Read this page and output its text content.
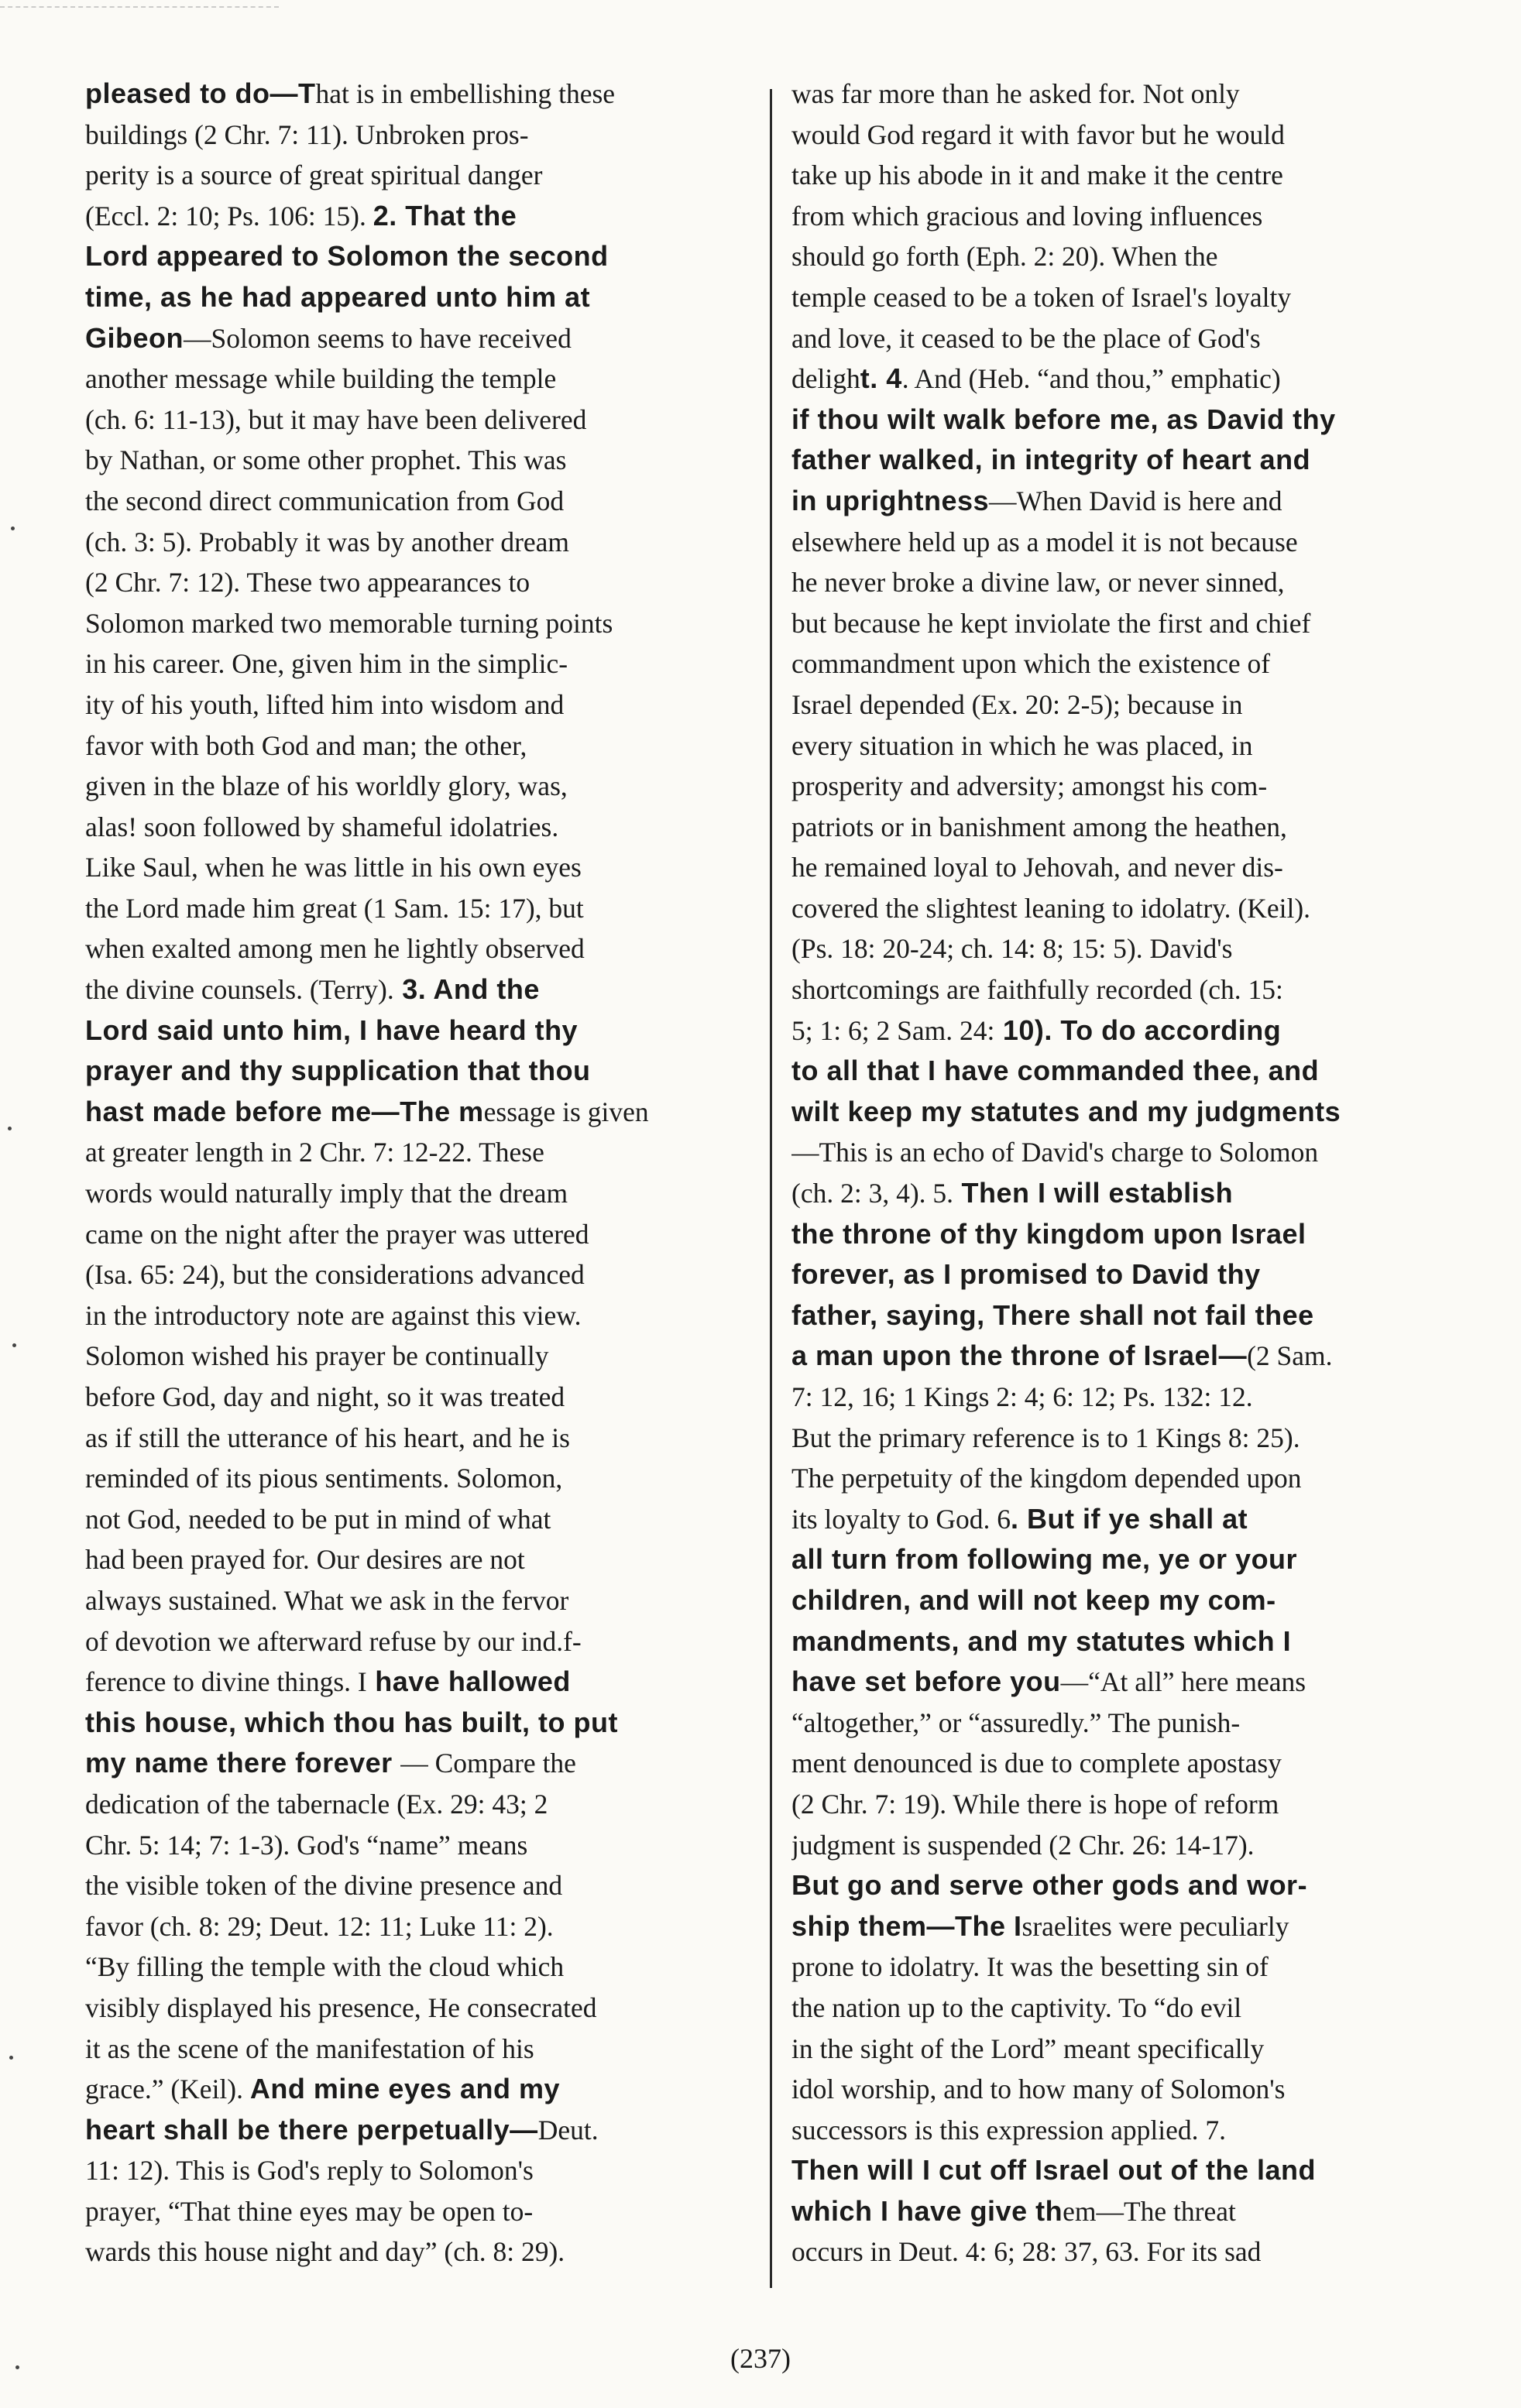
pleased to do—That is in embellishing these
buildings (2 Chr. 7: 11). Unbroken pros-
perity is a source of great spiritual danger
(Eccl. 2: 10; Ps. 106: 15). 2. That the
Lord appeared to Solomon the second
time, as he had appeared unto him at
Gibeon—Solomon seems to have received
another message while building the temple
(ch. 6: 11-13), but it may have been delivered
by Nathan, or some other prophet. This was
the second direct communication from God
(ch. 3: 5). Probably it was by another dream
(2 Chr. 7: 12). These two appearances to
Solomon marked two memorable turning points
in his career. One, given him in the simplic-
ity of his youth, lifted him into wisdom and
favor with both God and man; the other,
given in the blaze of his worldly glory, was,
alas! soon followed by shameful idolatries.
Like Saul, when he was little in his own eyes
the Lord made him great (1 Sam. 15: 17), but
when exalted among men he lightly observed
the divine counsels. (Terry). 3. And the
Lord said unto him, I have heard thy
prayer and thy supplication that thou
hast made before me—The message is given
at greater length in 2 Chr. 7: 12-22. These
words would naturally imply that the dream
came on the night after the prayer was uttered
(Isa. 65: 24), but the considerations advanced
in the introductory note are against this view.
Solomon wished his prayer be continually
before God, day and night, so it was treated
as if still the utterance of his heart, and he is
reminded of its pious sentiments. Solomon,
not God, needed to be put in mind of what
had been prayed for. Our desires are not
always sustained. What we ask in the fervor
of devotion we afterward refuse by our ind.f-
ference to divine things. I have hallowed
this house, which thou has built, to put
my name there forever — Compare the
dedication of the tabernacle (Ex. 29: 43; 2
Chr. 5: 14; 7: 1-3). God's “name” means
the visible token of the divine presence and
favor (ch. 8: 29; Deut. 12: 11; Luke 11: 2).
“By filling the temple with the cloud which
visibly displayed his presence, He consecrated
it as the scene of the manifestation of his
grace.” (Keil). And mine eyes and my
heart shall be there perpetually—Deut.
11: 12). This is God's reply to Solomon's
prayer, “That thine eyes may be open to-
wards this house night and day” (ch. 8: 29).
was far more than he asked for. Not only
would God regard it with favor but he would
take up his abode in it and make it the centre
from which gracious and loving influences
should go forth (Eph. 2: 20). When the
temple ceased to be a token of Israel's loyalty
and love, it ceased to be the place of God's
delight. 4. And (Heb. “and thou,” emphatic)
if thou wilt walk before me, as David thy
father walked, in integrity of heart and
in uprightness—When David is here and
elsewhere held up as a model it is not because
he never broke a divine law, or never sinned,
but because he kept inviolate the first and chief
commandment upon which the existence of
Israel depended (Ex. 20: 2-5); because in
every situation in which he was placed, in
prosperity and adversity; amongst his com-
patriots or in banishment among the heathen,
he remained loyal to Jehovah, and never dis-
covered the slightest leaning to idolatry. (Keil).
(Ps. 18: 20-24; ch. 14: 8; 15: 5). David's
shortcomings are faithfully recorded (ch. 15:
5; 1: 6; 2 Sam. 24: 10). To do according
to all that I have commanded thee, and
wilt keep my statutes and my judgments
—This is an echo of David's charge to Solomon
(ch. 2: 3, 4). 5. Then I will establish
the throne of thy kingdom upon Israel
forever, as I promised to David thy
father, saying, There shall not fail thee
a man upon the throne of Israel—(2 Sam.
7: 12, 16; 1 Kings 2: 4; 6: 12; Ps. 132: 12.
But the primary reference is to 1 Kings 8: 25).
The perpetuity of the kingdom depended upon
its loyalty to God. 6. But if ye shall at
all turn from following me, ye or your
children, and will not keep my com-
mandments, and my statutes which I
have set before you—“At all” here means
“altogether,” or “assuredly.” The punish-
ment denounced is due to complete apostasy
(2 Chr. 7: 19). While there is hope of reform
judgment is suspended (2 Chr. 26: 14-17).
But go and serve other gods and wor-
ship them—The Israelites were peculiarly
prone to idolatry. It was the besetting sin of
the nation up to the captivity. To “do evil
in the sight of the Lord” meant specifically
idol worship, and to how many of Solomon's
successors is this expression applied. 7.
Then will I cut off Israel out of the land
which I have give them—The threat
occurs in Deut. 4: 6; 28: 37, 63. For its sad
(237)
